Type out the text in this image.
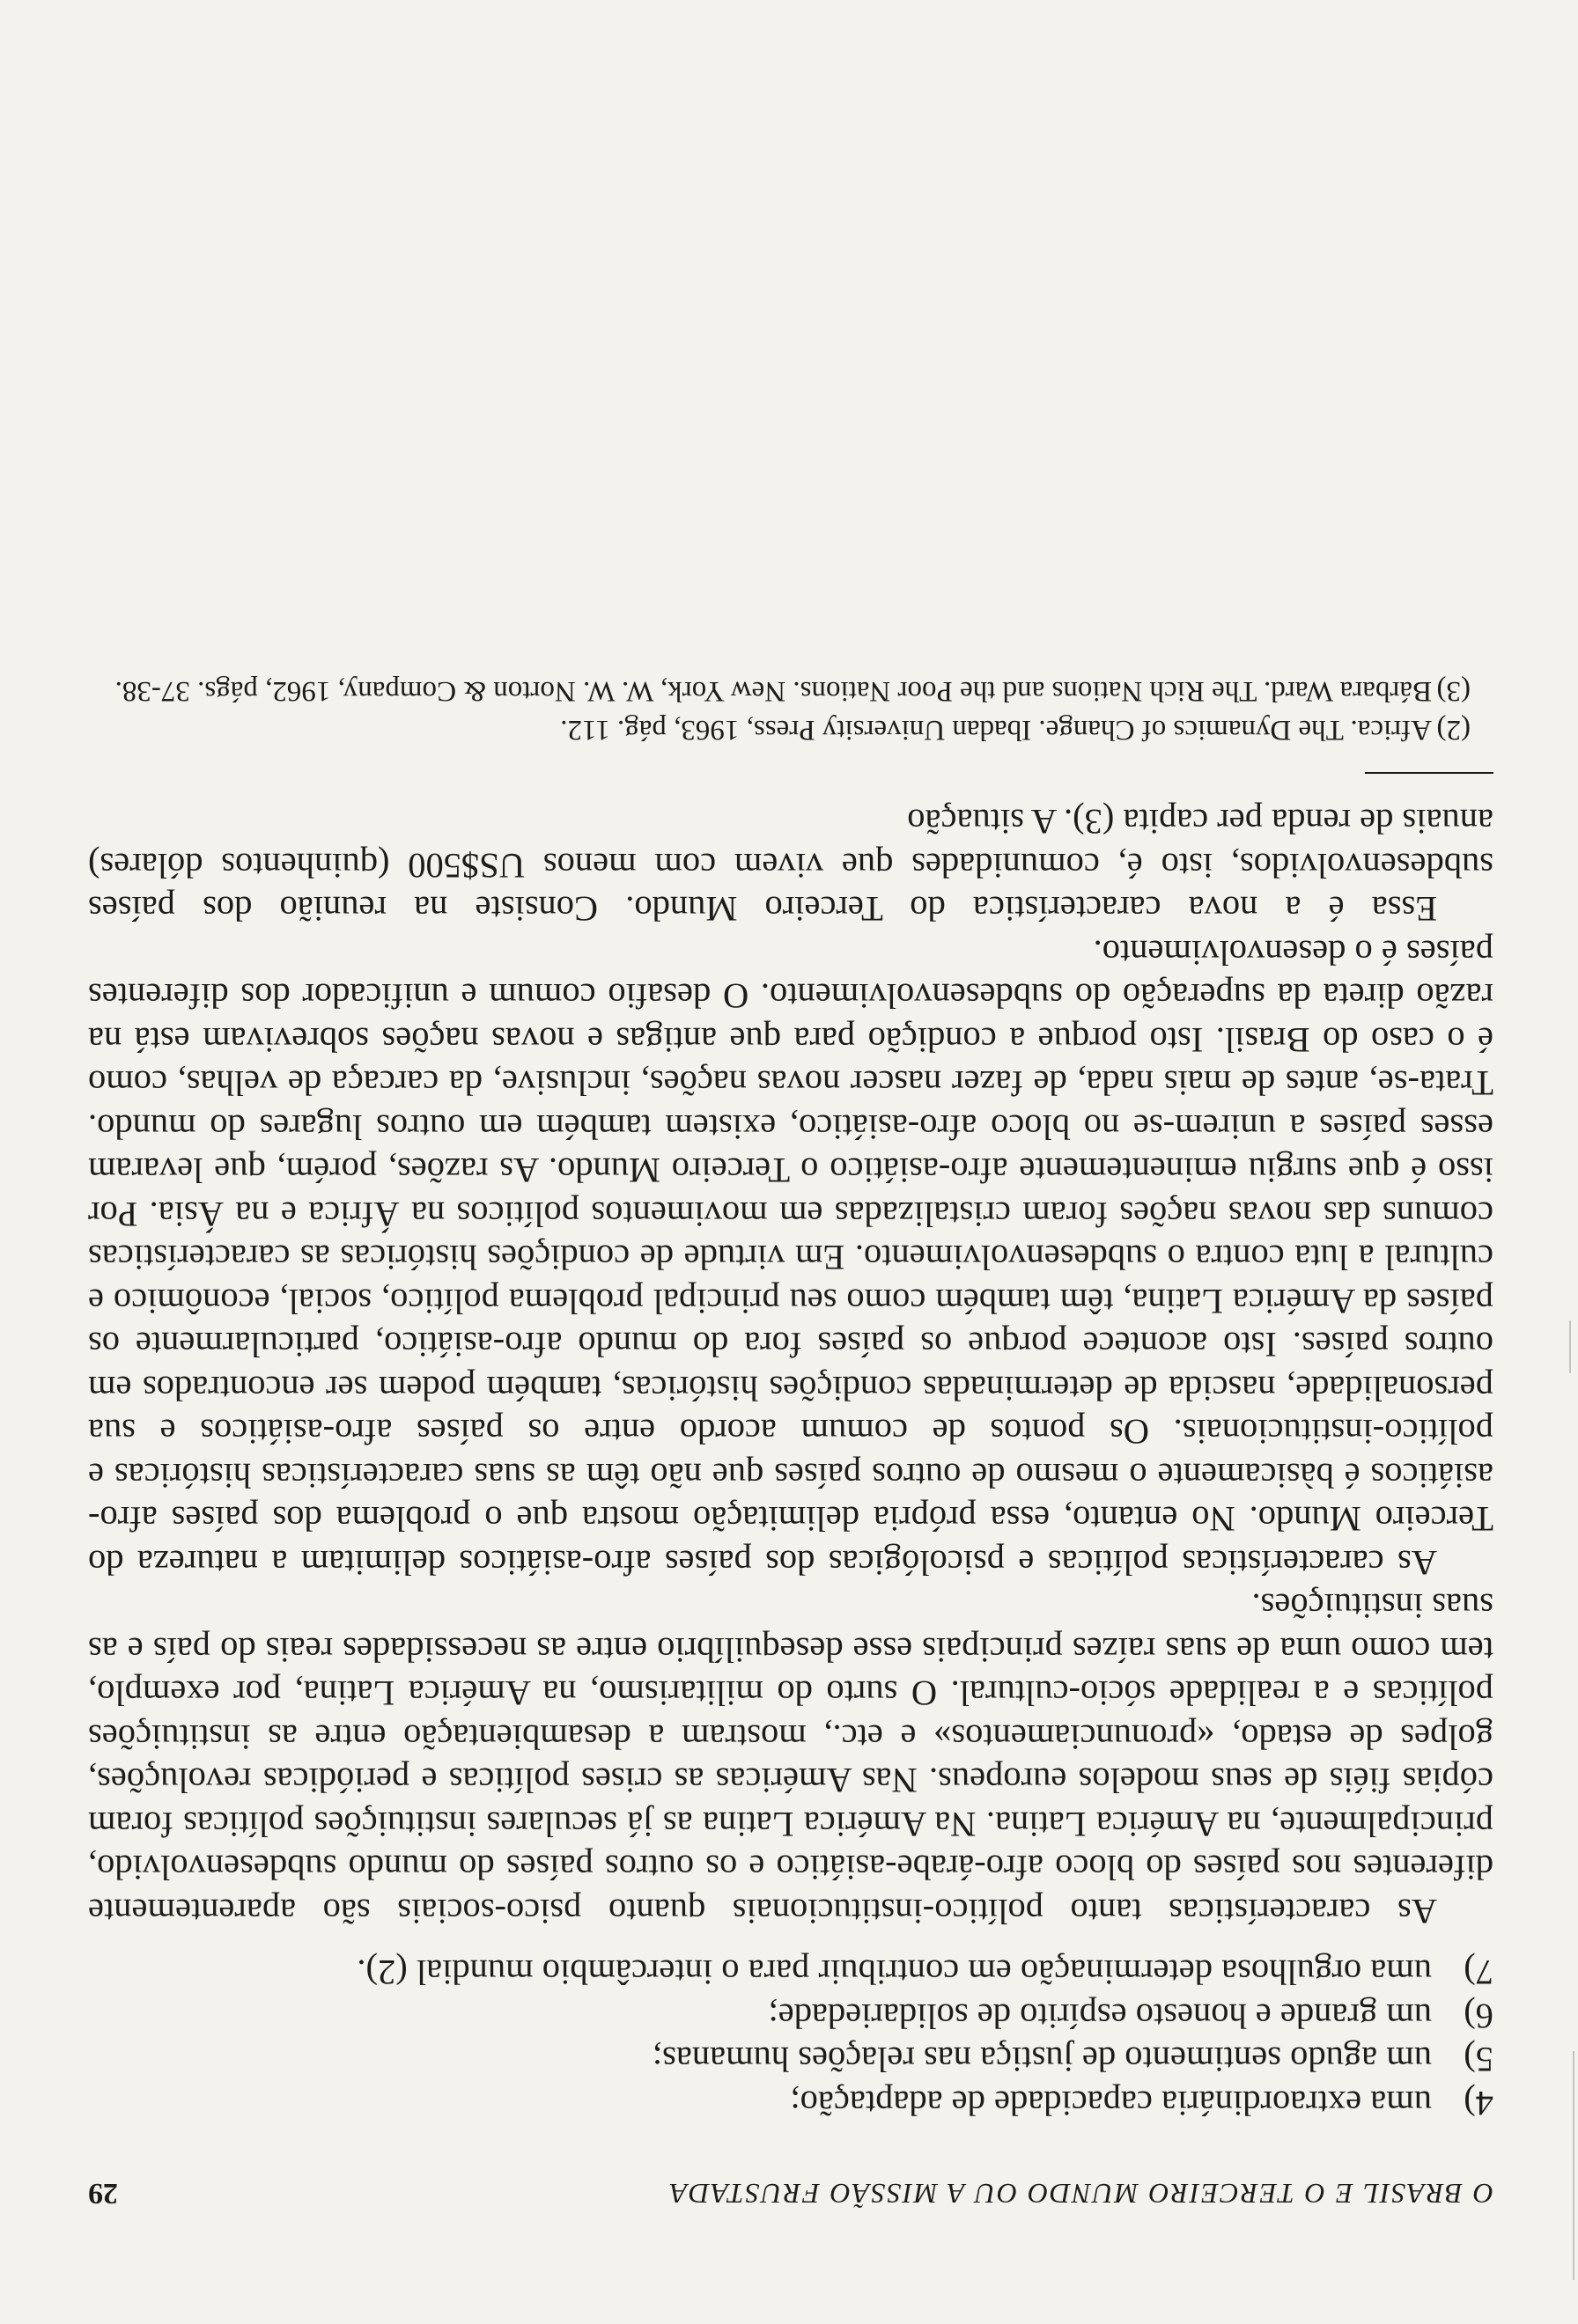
O BRASIL E O TERCEIRO MUNDO OU A MISSÃO FRUSTADA
29
4)
uma extraordinária capacidade de adaptação;
5)
um agudo sentimento de justiça nas relações humanas;
6)
um grande e honesto espírito de solidariedade;
7)
uma orgulhosa determinação em contribuir para o intercâmbio mundial (2).

As características tanto político-institucionais quanto psico-sociais são aparentemente diferentes nos países do bloco afro-árabe-asiático e os outros países do mundo subdesenvolvido, principalmente, na América Latina. Na América Latina as já seculares instituições políticas foram cópias fiéis de seus modelos europeus. Nas Américas as crises políticas e periódicas revoluções, golpes de estado, «pronunciamentos» e etc., mostram a desambientação entre as instituições políticas e a realidade sócio-cultural. O surto do militarismo, na América Latina, por exemplo, tem como uma de suas raízes principais esse desequilíbrio entre as necessidades reais do país e as suas instituições.

As características políticas e psicológicas dos países afro-asiáticos delimitam a natureza do Terceiro Mundo. No entanto, essa própria delimitação mostra que o problema dos países afro-asiáticos é bàsicamente o mesmo de outros países que não têm as suas características históricas e político-institucionais. Os pontos de comum acordo entre os países afro-asiáticos e sua personalidade, nascida de determinadas condições históricas, também podem ser encontrados em outros países. Isto acontece porque os países fora do mundo afro-asiático, particularmente os países da América Latina, têm também como seu principal problema político, social, econômico e cultural a luta contra o subdesenvolvimento. Em virtude de condições históricas as características comuns das novas nações foram cristalizadas em movimentos políticos na África e na Ásia. Por isso é que surgiu eminentemente afro-asiático o Terceiro Mundo. As razões, porém, que levaram esses países a unirem-se no bloco afro-asiático, existem também em outros lugares do mundo. Trata-se, antes de mais nada, de fazer nascer novas nações, inclusive, da carcaça de velhas, como é o caso do Brasil. Isto porque a condição para que antigas e novas nações sobrevivam está na razão direta da superação do subdesenvolvimento. O desafio comum e unificador dos diferentes países é o desenvolvimento.

Essa é a nova característica do Terceiro Mundo. Consiste na reunião dos países subdesenvolvidos, isto é, comunidades que vivem com menos US$500 (quinhentos dólares) anuais de renda per capita (3). A situação

(2)
Africa. The Dynamics of Change. Ibadan University Press, 1963, pág. 112.
(3)
Bárbara Ward. The Rich Nations and the Poor Nations. New York, W. W. Norton & Company, 1962, págs. 37-38.
